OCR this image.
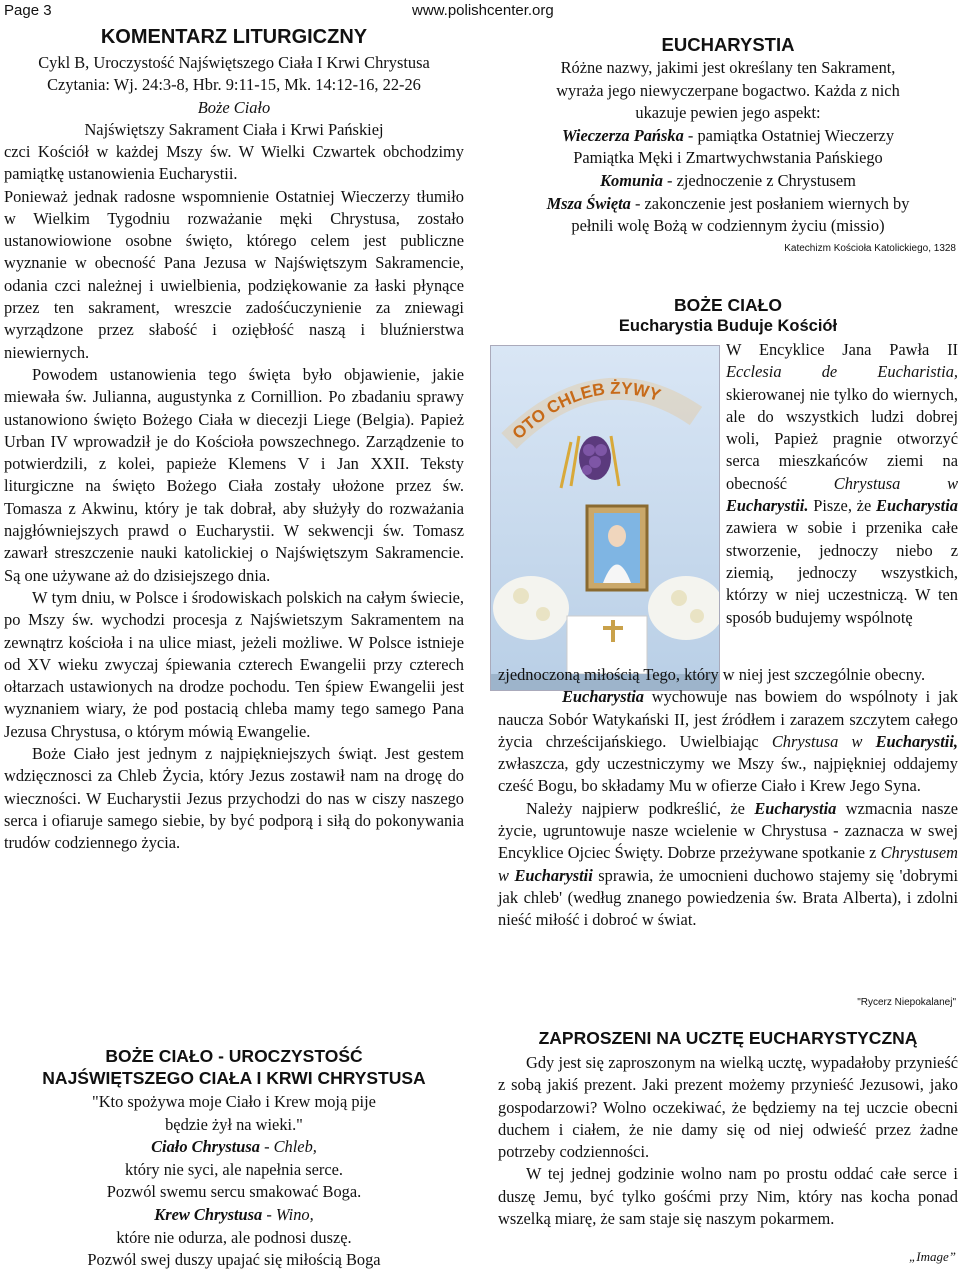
Page 3	www.polishcenter.org
KOMENTARZ LITURGICZNY
Cykl B, Uroczystość Najświętszego Ciała I Krwi Chrystusa
Czytania: Wj. 24:3-8, Hbr. 9:11-15, Mk. 14:12-16, 22-26
Boże Ciało
Najświętszy Sakrament Ciała i Krwi Pańskiej

czci Kościół w każdej Mszy św. W Wielki Czwartek obchodzimy pamiątkę ustanowienia Eucharystii.

Ponieważ jednak radosne wspomnienie Ostatniej Wieczerzy tłumiło w Wielkim Tygodniu rozważanie męki Chrystusa, zostało ustanowiowione osobne święto, którego celem jest publiczne wyznanie w obecność Pana Jezusa w Najświętszym Sakramencie, odania czci należnej i uwielbienia, podziękowanie za łaski płynące przez ten sakrament, wreszcie zadośćuczynienie za zniewagi wyrządzone przez słabość i oziębłość naszą i bluźnierstwa niewiernych.

Powodem ustanowienia tego święta było objawienie, jakie miewała św. Julianna, augustynka z Cornillion. Po zbadaniu sprawy ustanowiono święto Bożego Ciała w diecezji Liege (Belgia). Papież Urban IV wprowadził je do Kościoła powszechnego. Zarządzenie to potwierdzili, z kolei, papieże Klemens V i Jan XXII. Teksty liturgiczne na święto Bożego Ciała zostały ułożone przez św. Tomasza z Akwinu, który je tak dobrał, aby służyły do rozważania najgłówniejszych prawd o Eucharystii. W sekwencji św. Tomasz zawarł streszczenie nauki katolickiej o Najświętszym Sakramencie. Są one używane aż do dzisiejszego dnia.

W tym dniu, w Polsce i środowiskach polskich na całym świecie, po Mszy św. wychodzi procesja z Najświetszym Sakramentem na zewnątrz kościoła i na ulice miast, jeżeli możliwe. W Polsce istnieje od XV wieku zwyczaj śpiewania czterech Ewangelii przy czterech ołtarzach ustawionych na drodze pochodu. Ten śpiew Ewangelii jest wyznaniem wiary, że pod postacią chleba mamy tego samego Pana Jezusa Chrystusa, o którym mówią Ewangelie.

Boże Ciało jest jednym z najpiękniejszych świąt. Jest gestem wdzięcznosci za Chleb Życia, który Jezus zostawił nam na drogę do wieczności. W Eucharystii Jezus przychodzi do nas w ciszy naszego serca i ofiaruje samego siebie, by być podporą i siłą do pokonywania trudów codziennego życia.

BOŻE CIAŁO - UROCZYSTOŚĆ
NAJŚWIĘTSZEGO CIAŁA I KRWI CHRYSTUSA
"Kto spożywa moje Ciało i Krew moją pije
będzie żył na wieki."
Ciało Chrystusa - Chleb,
który nie syci, ale napełnia serce.
Pozwól swemu sercu smakować Boga.
Krew Chrystusa - Wino,
które nie odurza, ale podnosi duszę.
Pozwól swej duszy upajać się miłością Boga
EUCHARYSTIA
Różne nazwy, jakimi jest określany ten Sakrament,
wyraża jego niewyczerpane bogactwo. Każda z nich
ukazuje pewien jego aspekt:
Wieczerza Pańska - pamiątka Ostatniej Wieczerzy
Pamiątka Męki i Zmartwychwstania Pańskiego
Komunia - zjednoczenie z Chrystusem
Msza Święta - zakonczenie jest posłaniem wiernych by
pełnili wolę Bożą w codziennym życiu (missio)
Katechizm Kościoła Katolickiego, 1328
BOŻE CIAŁO
Eucharystia Buduje Kościół
OTO CHLEB ŻYWY
W Encyklice Jana Pawła II Ecclesia de Eucharistia, skierowanej nie tylko do wiernych, ale do wszystkich ludzi dobrej woli, Papież pragnie otworzyć serca mieszkańców ziemi na obecność	Chrystusa w Eucharystii. Pisze, że Eucharystia zawiera w sobie i przenika całe stworzenie, jednoczy niebo z ziemią, jednoczy wszystkich, którzy w niej uczestniczą. W ten sposób budujemy wspólnotę

zjednoczoną miłością Tego, który w niej jest szczególnie obecny.

Eucharystia wychowuje nas bowiem do wspólnoty i jak naucza Sobór Watykański II, jest źródłem i zarazem szczytem całego życia chrześcijańskiego. Uwielbiając Chrystusa w Eucharystii, zwłaszcza, gdy uczestniczymy we Mszy św., najpiękniej oddajemy cześć Bogu, bo składamy Mu w ofierze Ciało i Krew Jego Syna.

Należy najpierw podkreślić, że Eucharystia wzmacnia nasze życie, ugruntowuje nasze wcielenie w Chrystusa - zaznacza w swej Encyklice Ojciec Święty. Dobrze przeżywane spotkanie z Chrystusem w Eucharystii sprawia, że umocnieni duchowo stajemy się 'dobrymi jak chleb' (według znanego powiedzenia św. Brata Alberta), i zdolni nieść miłość i dobroć w świat.

"Rycerz Niepokalanej"
ZAPROSZENI NA UCZTĘ EUCHARYSTYCZNĄ

Gdy jest się zaproszonym na wielką ucztę, wypadałoby przynieść z sobą jakiś prezent. Jaki prezent możemy przynieść Jezusowi, jako gospodarzowi? Wolno oczekiwać, że będziemy na tej uczcie obecni duchem i ciałem, że nie damy się od niej odwieść przez żadne potrzeby codzienności.

W tej jednej godzinie wolno nam po prostu oddać całe serce i duszę Jemu, być tylko gośćmi przy Nim, który nas kocha ponad wszelką miarę, że sam staje się naszym pokarmem.

„Image”
